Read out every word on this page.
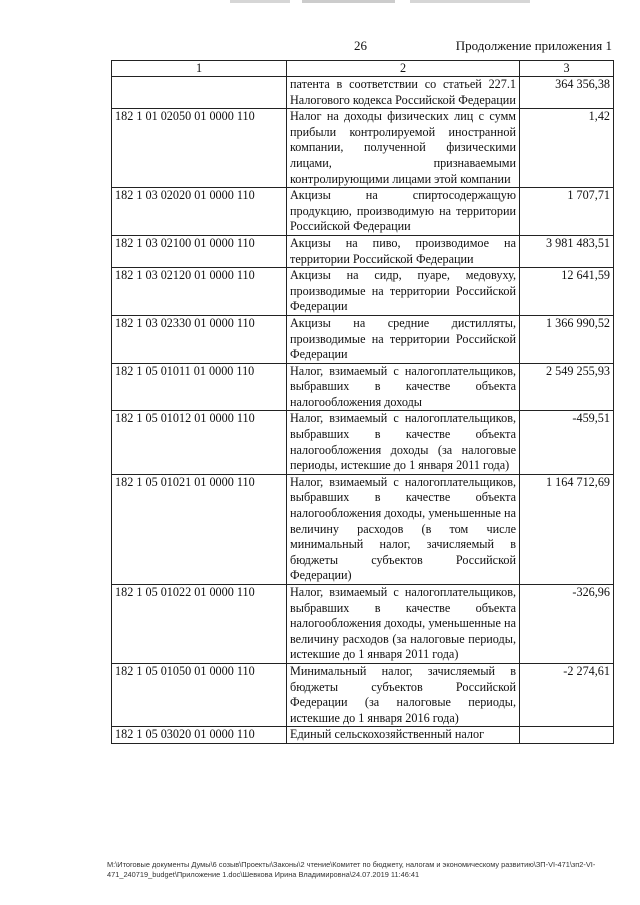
26	Продолжение приложения 1
1	2	3
	патента в соответствии со статьей 227.1 Налогового кодекса Российской Федерации	364 356,38
182 1 01 02050 01 0000 110	Налог на доходы физических лиц с сумм прибыли контролируемой иностранной компании, полученной физическими лицами, признаваемыми контролирующими лицами этой компании	1,42
182 1 03 02020 01 0000 110	Акцизы на спиртосодержащую продукцию, производимую на территории Российской Федерации	1 707,71
182 1 03 02100 01 0000 110	Акцизы на пиво, производимое на территории Российской Федерации	3 981 483,51
182 1 03 02120 01 0000 110	Акцизы на сидр, пуаре, медовуху, производимые на территории Российской Федерации	12 641,59
182 1 03 02330 01 0000 110	Акцизы на средние дистилляты, производимые на территории Российской Федерации	1 366 990,52
182 1 05 01011 01 0000 110	Налог, взимаемый с налогоплательщиков, выбравших в качестве объекта налогообложения доходы	2 549 255,93
182 1 05 01012 01 0000 110	Налог, взимаемый с налогоплательщиков, выбравших в качестве объекта налогообложения доходы (за налоговые периоды, истекшие до 1 января 2011 года)	-459,51
182 1 05 01021 01 0000 110	Налог, взимаемый с налогоплательщиков, выбравших в качестве объекта налогообложения доходы, уменьшенные на величину расходов (в том числе минимальный налог, зачисляемый в бюджеты субъектов Российской Федерации)	1 164 712,69
182 1 05 01022 01 0000 110	Налог, взимаемый с налогоплательщиков, выбравших в качестве объекта налогообложения доходы, уменьшенные на величину расходов (за налоговые периоды, истекшие до 1 января 2011 года)	-326,96
182 1 05 01050 01 0000 110	Минимальный налог, зачисляемый в бюджеты субъектов Российской Федерации (за налоговые периоды, истекшие до 1 января 2016 года)	-2 274,61
182 1 05 03020 01 0000 110	Единый сельскохозяйственный налог	
М:\Итоговые документы Думы\6 созыв\Проекты\Законы\2 чтение\Комитет по бюджету, налогам и экономическому развитию\ЗП-VI-471\зп2-VI-471_240719_budget\Приложение 1.doc\Шевкова Ирина Владимировна\24.07.2019 11:46:41
